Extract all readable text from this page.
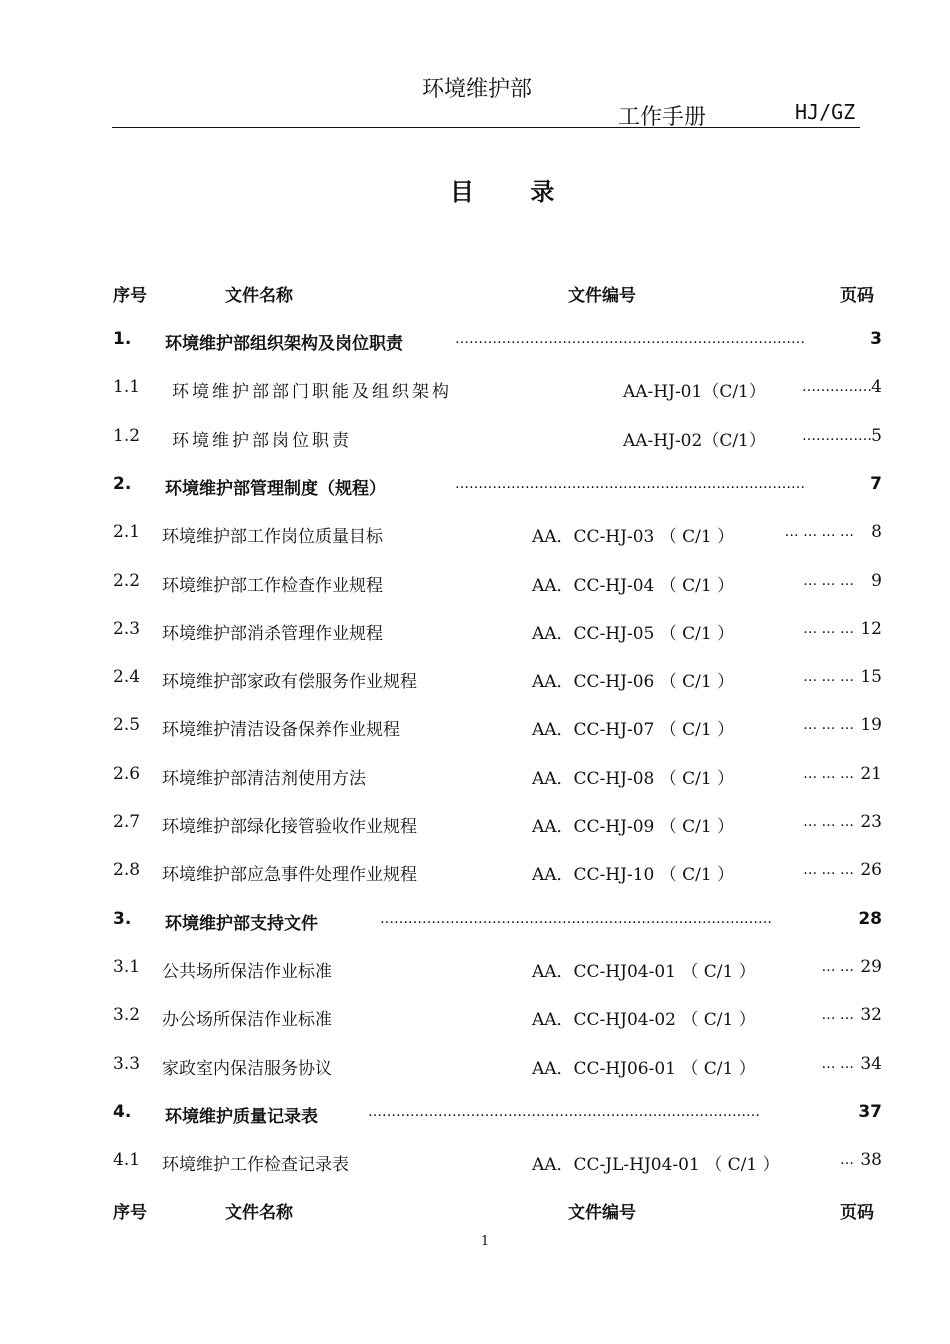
环境维护部
工作手册	HJ/GZ
目 录
序号	文件名称	文件编号	页码
1. 环境维护部组织架构及岗位职责	…………………………………………………………………	3
1.1 环境维护部部门职能及组织架构	AA-HJ-01（C/1）	…………… 4
1.2 环境维护部岗位职责	AA-HJ-02（C/1）	…………… 5
2. 环境维护部管理制度（规程）	…………………………………………………………………	7
2.1 环境维护部工作岗位质量目标	AA．CC-HJ-03 （ C/1 ）	… … … …	8
2.2 环境维护部工作检查作业规程	AA．CC-HJ-04 （ C/1 ）	… … …	9
2.3 环境维护部消杀管理作业规程	AA．CC-HJ-05 （ C/1 ）	… … … 12
2.4 环境维护部家政有偿服务作业规程	AA．CC-HJ-06 （ C/1 ）	… … … 15
2.5 环境维护清洁设备保养作业规程	AA．CC-HJ-07 （ C/1 ）	… … … 19
2.6 环境维护部清洁剂使用方法	AA．CC-HJ-08 （ C/1 ）	… … … 21
2.7 环境维护部绿化接管验收作业规程	AA．CC-HJ-09 （ C/1 ）	… … … 23
2.8 环境维护部应急事件处理作业规程	AA．CC-HJ-10 （ C/1 ）	… … … 26
3. 环境维护部支持文件	…………………………………………………………………………	28
3.1 公共场所保洁作业标准	AA．CC-HJ04-01 （ C/1 ）	… … 29
3.2 办公场所保洁作业标准	AA．CC-HJ04-02 （ C/1 ）	… … 32
3.3 家政室内保洁服务协议	AA．CC-HJ06-01 （ C/1 ）	… … 34
4. 环境维护质量记录表	…………………………………………………………………………	37
4.1 环境维护工作检查记录表	AA．CC-JL-HJ04-01 （ C/1 ）	… 38
序号	文件名称	文件编号	页码
1
